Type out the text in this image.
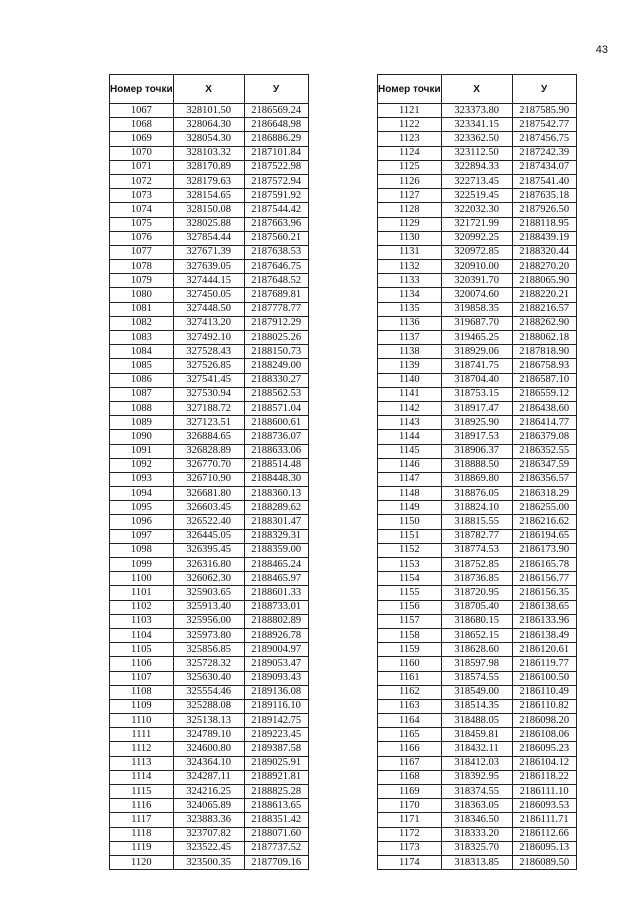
43
Номер точки	X	У
1067	328101.50	2186569.24
1068	328064.30	2186648.98
1069	328054.30	2186886.29
1070	328103.32	2187101.84
1071	328170.89	2187522.98
1072	328179.63	2187572.94
1073	328154.65	2187591.92
1074	328150.08	2187544.42
1075	328025.88	2187663.96
1076	327854.44	2187560.21
1077	327671.39	2187638.53
1078	327639.05	2187646.75
1079	327444.15	2187648.52
1080	327450.05	2187689.81
1081	327448.50	2187778.77
1082	327413.20	2187912.29
1083	327492.10	2188025.26
1084	327528.43	2188150.73
1085	327526.85	2188249.00
1086	327541.45	2188330.27
1087	327530.94	2188562.53
1088	327188.72	2188571.04
1089	327123.51	2188600.61
1090	326884.65	2188736.07
1091	326828.89	2188633.06
1092	326770.70	2188514.48
1093	326710.90	2188448.30
1094	326681.80	2188360.13
1095	326603.45	2188289.62
1096	326522.40	2188301.47
1097	326445.05	2188329.31
1098	326395.45	2188359.00
1099	326316.80	2188465.24
1100	326062.30	2188465.97
1101	325903.65	2188601.33
1102	325913.40	2188733.01
1103	325956.00	2188802.89
1104	325973.80	2188926.78
1105	325856.85	2189004.97
1106	325728.32	2189053.47
1107	325630.40	2189093.43
1108	325554.46	2189136.08
1109	325288.08	2189116.10
1110	325138.13	2189142.75
1111	324789.10	2189223.45
1112	324600.80	2189387.58
1113	324364.10	2189025.91
1114	324287.11	2188921.81
1115	324216.25	2188825.28
1116	324065.89	2188613.65
1117	323883.36	2188351.42
1118	323707.82	2188071.60
1119	323522.45	2187737.52
1120	323500.35	2187709.16
Номер точки	X	У
1121	323373.80	2187585.90
1122	323341.15	2187542.77
1123	323362.50	2187456.75
1124	323112.50	2187242.39
1125	322894.33	2187434.07
1126	322713.45	2187541.40
1127	322519.45	2187635.18
1128	322032.30	2187926.50
1129	321721.99	2188118.95
1130	320992.25	2188439.19
1131	320972.85	2188320.44
1132	320910.00	2188270.20
1133	320391.70	2188065.90
1134	320074.60	2188220.21
1135	319858.35	2188216.57
1136	319687.70	2188262.90
1137	319465.25	2188062.18
1138	318929.06	2187818.90
1139	318741.75	2186758.93
1140	318704.40	2186587.10
1141	318753.15	2186559.12
1142	318917.47	2186438.60
1143	318925.90	2186414.77
1144	318917.53	2186379.08
1145	318906.37	2186352.55
1146	318888.50	2186347.59
1147	318869.80	2186356.57
1148	318876.05	2186318.29
1149	318824.10	2186255.00
1150	318815.55	2186216.62
1151	318782.77	2186194.65
1152	318774.53	2186173.90
1153	318752.85	2186165.78
1154	318736.85	2186156.77
1155	318720.95	2186156.35
1156	318705.40	2186138.65
1157	318680.15	2186133.96
1158	318652.15	2186138.49
1159	318628.60	2186120.61
1160	318597.98	2186119.77
1161	318574.55	2186100.50
1162	318549.00	2186110.49
1163	318514.35	2186110.82
1164	318488.05	2186098.20
1165	318459.81	2186108.06
1166	318432.11	2186095.23
1167	318412.03	2186104.12
1168	318392.95	2186118.22
1169	318374.55	2186111.10
1170	318363.05	2186093.53
1171	318346.50	2186111.71
1172	318333.20	2186112.66
1173	318325.70	2186095.13
1174	318313.85	2186089.50
